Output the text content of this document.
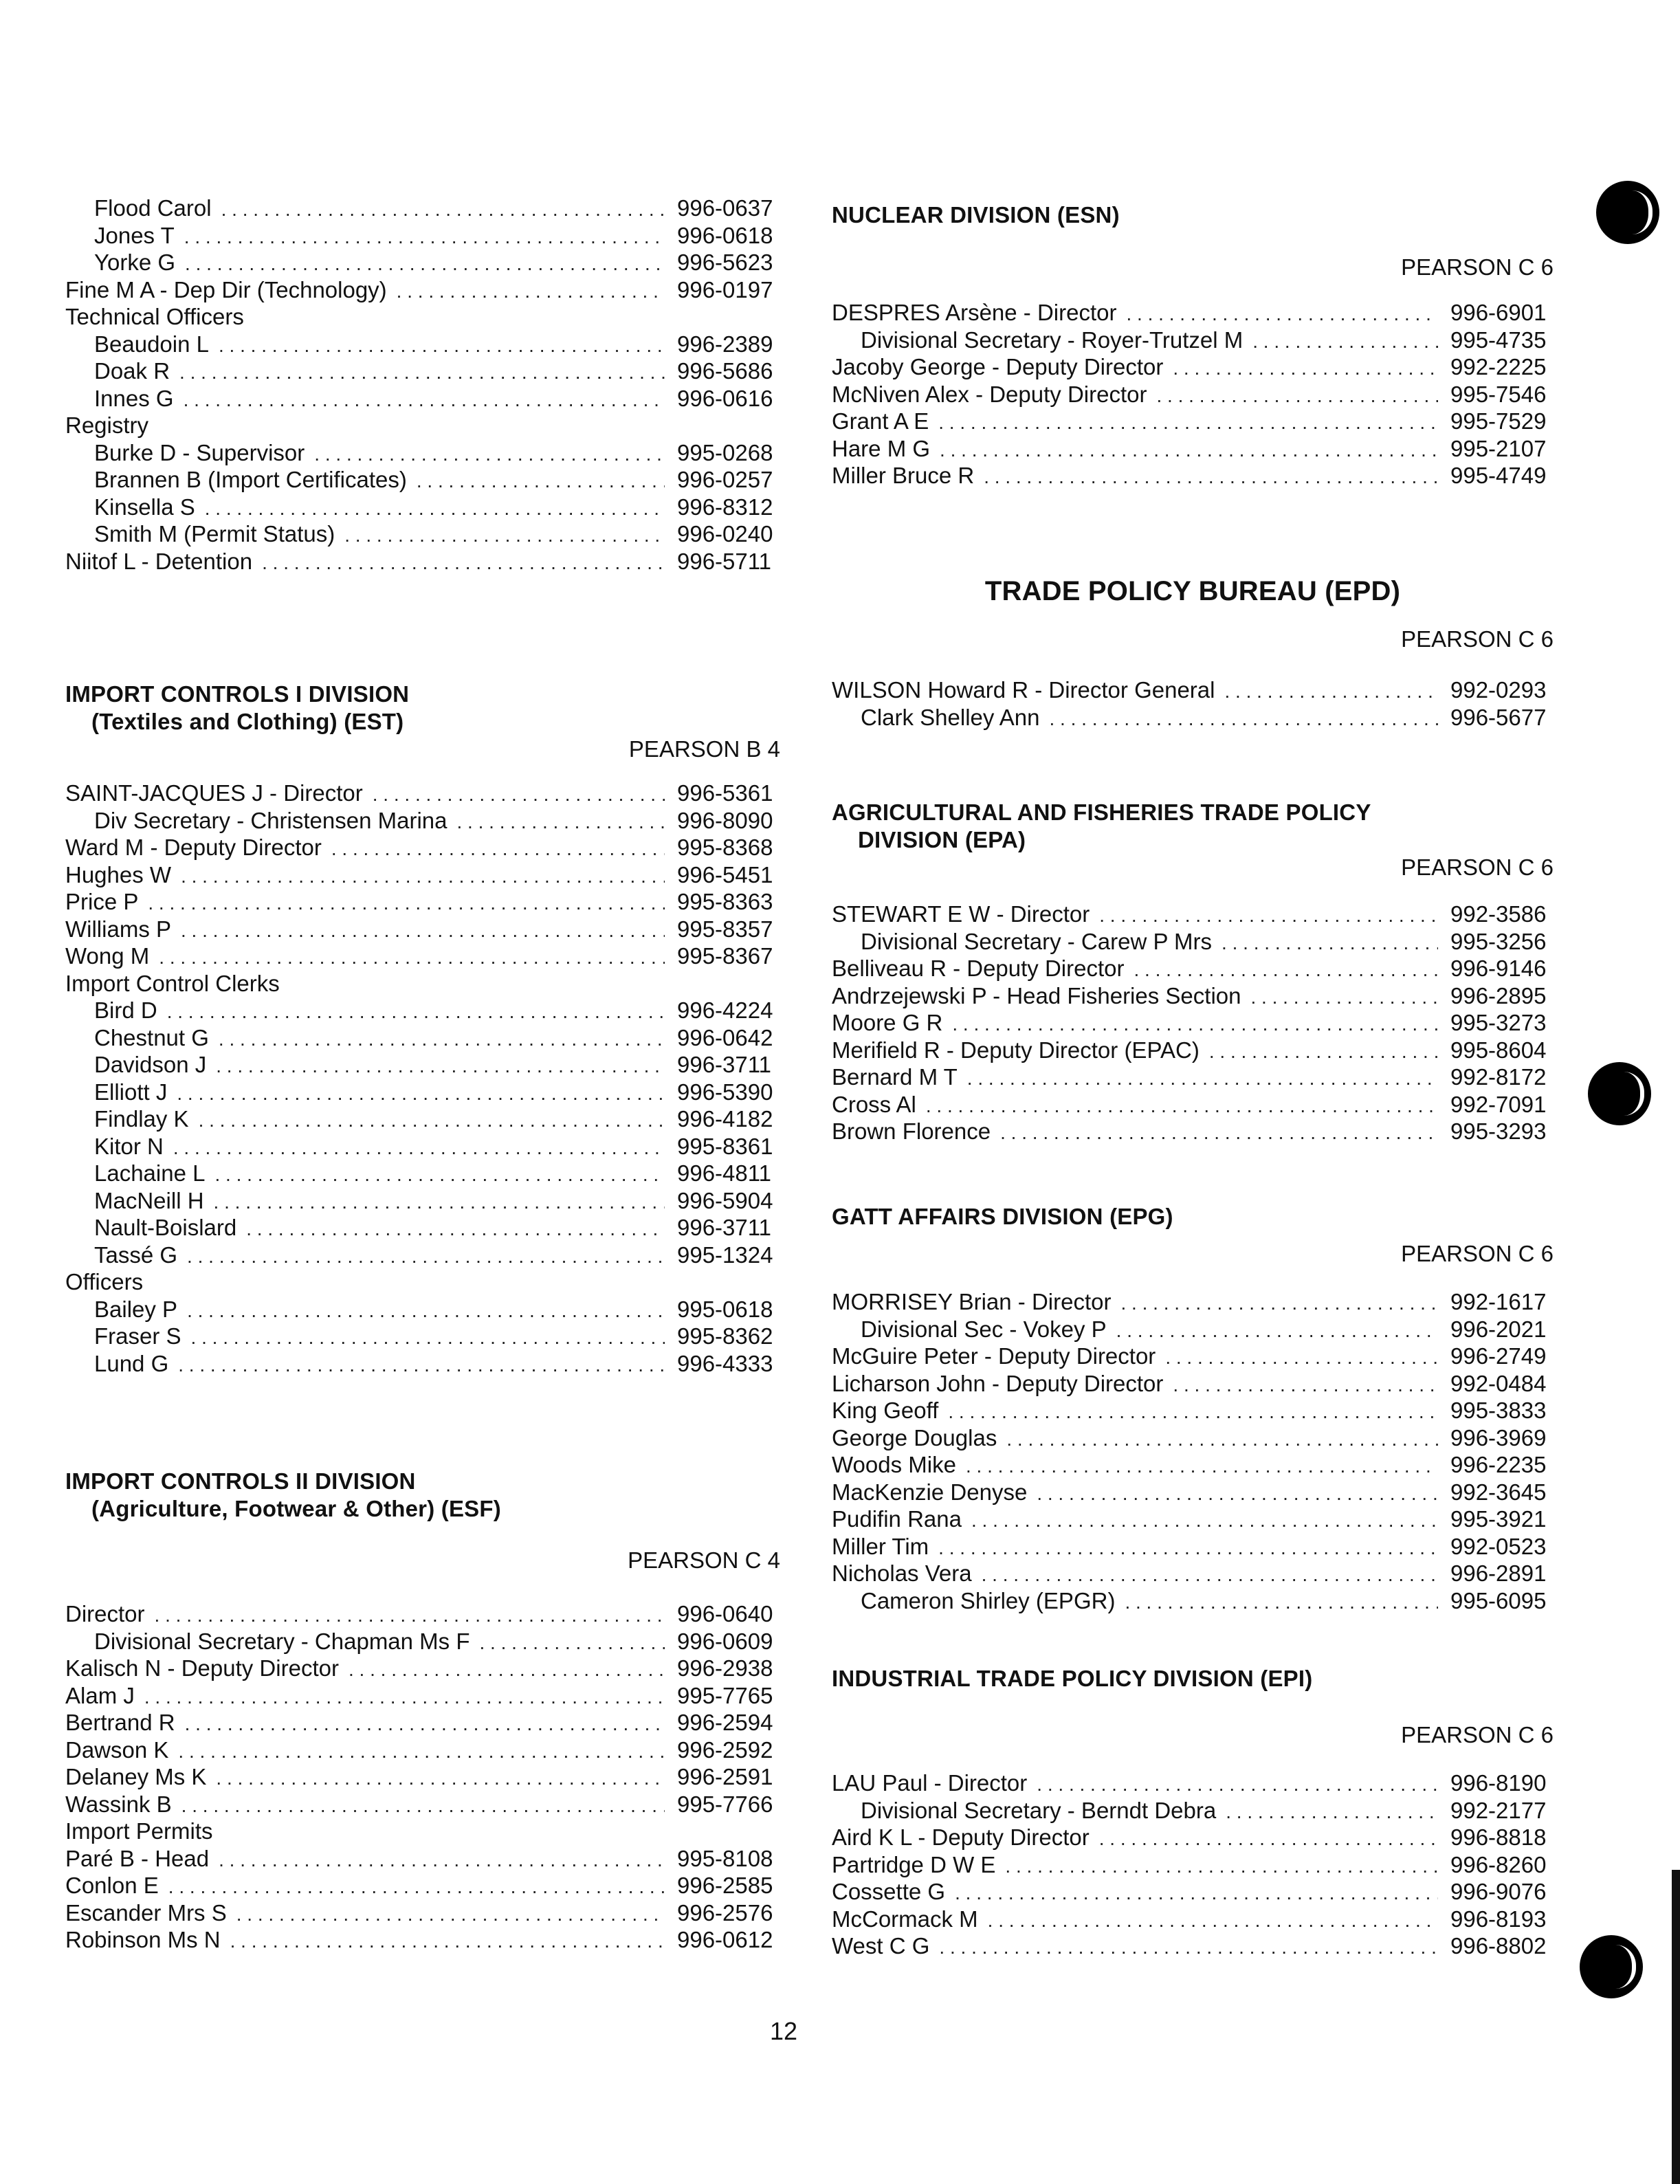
Flood Carol . . .	996-0637
Jones T . . .	996-0618
Yorke G . . .	996-5623
Fine M A - Dep Dir (Technology) . . .	996-0197
Technical Officers
Beaudoin L . . .	996-2389
Doak R . . .	996-5686
Innes G . . .	996-0616
Registry
Burke D - Supervisor . . .	995-0268
Brannen B (Import Certificates) . . .	996-0257
Kinsella S . . .	996-8312
Smith M (Permit Status) . . .	996-0240
Niitof L - Detention . . .	996-5711

IMPORT CONTROLS I DIVISION

(Textiles and Clothing) (EST)

PEARSON B 4

SAINT-JACQUES J - Director . . .	996-5361
Div Secretary - Christensen Marina . . .	996-8090
Ward M - Deputy Director . . .	995-8368
Hughes W . . .	996-5451
Price P . . .	995-8363
Williams P . . .	995-8357
Wong M . . .	995-8367
Import Control Clerks
Bird D . . .	996-4224
Chestnut G . . .	996-0642
Davidson J . . .	996-3711
Elliott J . . .	996-5390
Findlay K . . .	996-4182
Kitor N . . .	995-8361
Lachaine L . . .	996-4811
MacNeill H . . .	996-5904
Nault-Boislard . . .	996-3711
Tassé G . . .	995-1324
Officers
Bailey P . . .	995-0618
Fraser S . . .	995-8362
Lund G . . .	996-4333

IMPORT CONTROLS II DIVISION

(Agriculture, Footwear & Other) (ESF)

PEARSON C 4

Director . . .	996-0640
Divisional Secretary - Chapman Ms F . . .	996-0609
Kalisch N - Deputy Director . . .	996-2938
Alam J . . .	995-7765
Bertrand R . . .	996-2594
Dawson K . . .	996-2592
Delaney Ms K . . .	996-2591
Wassink B . . .	995-7766
Import Permits
Paré B - Head . . .	995-8108
Conlon E . . .	996-2585
Escander Mrs S . . .	996-2576
Robinson Ms N . . .	996-0612

NUCLEAR DIVISION (ESN)

PEARSON C 6

DESPRES Arsène - Director . . .	996-6901
Divisional Secretary - Royer-Trutzel M . . .	995-4735
Jacoby George - Deputy Director . . .	992-2225
McNiven Alex - Deputy Director . . .	995-7546
Grant A E . . .	995-7529
Hare M G . . .	995-2107
Miller Bruce R . . .	995-4749

TRADE POLICY BUREAU (EPD)

PEARSON C 6

WILSON Howard R - Director General . . .	992-0293
Clark Shelley Ann . . .	996-5677

AGRICULTURAL AND FISHERIES TRADE POLICY

DIVISION (EPA)

PEARSON C 6

STEWART E W - Director . . .	992-3586
Divisional Secretary - Carew P Mrs . . .	995-3256
Belliveau R - Deputy Director . . .	996-9146
Andrzejewski P - Head Fisheries Section . . .	996-2895
Moore G R . . .	995-3273
Merifield R - Deputy Director (EPAC) . . .	995-8604
Bernard M T . . .	992-8172
Cross Al . . .	992-7091
Brown Florence . . .	995-3293

GATT AFFAIRS DIVISION (EPG)

PEARSON C 6

MORRISEY Brian - Director . . .	992-1617
Divisional Sec - Vokey P . . .	996-2021
McGuire Peter - Deputy Director . . .	996-2749
Licharson John - Deputy Director . . .	992-0484
King Geoff . . .	995-3833
George Douglas . . .	996-3969
Woods Mike . . .	996-2235
MacKenzie Denyse . . .	992-3645
Pudifin Rana . . .	995-3921
Miller Tim . . .	992-0523
Nicholas Vera . . .	996-2891
Cameron Shirley (EPGR) . . .	995-6095

INDUSTRIAL TRADE POLICY DIVISION (EPI)

PEARSON C 6

LAU Paul - Director . . .	996-8190
Divisional Secretary - Berndt Debra . . .	992-2177
Aird K L - Deputy Director . . .	996-8818
Partridge D W E . . .	996-8260
Cossette G . . .	996-9076
McCormack M . . .	996-8193
West C G . . .	996-8802
12
